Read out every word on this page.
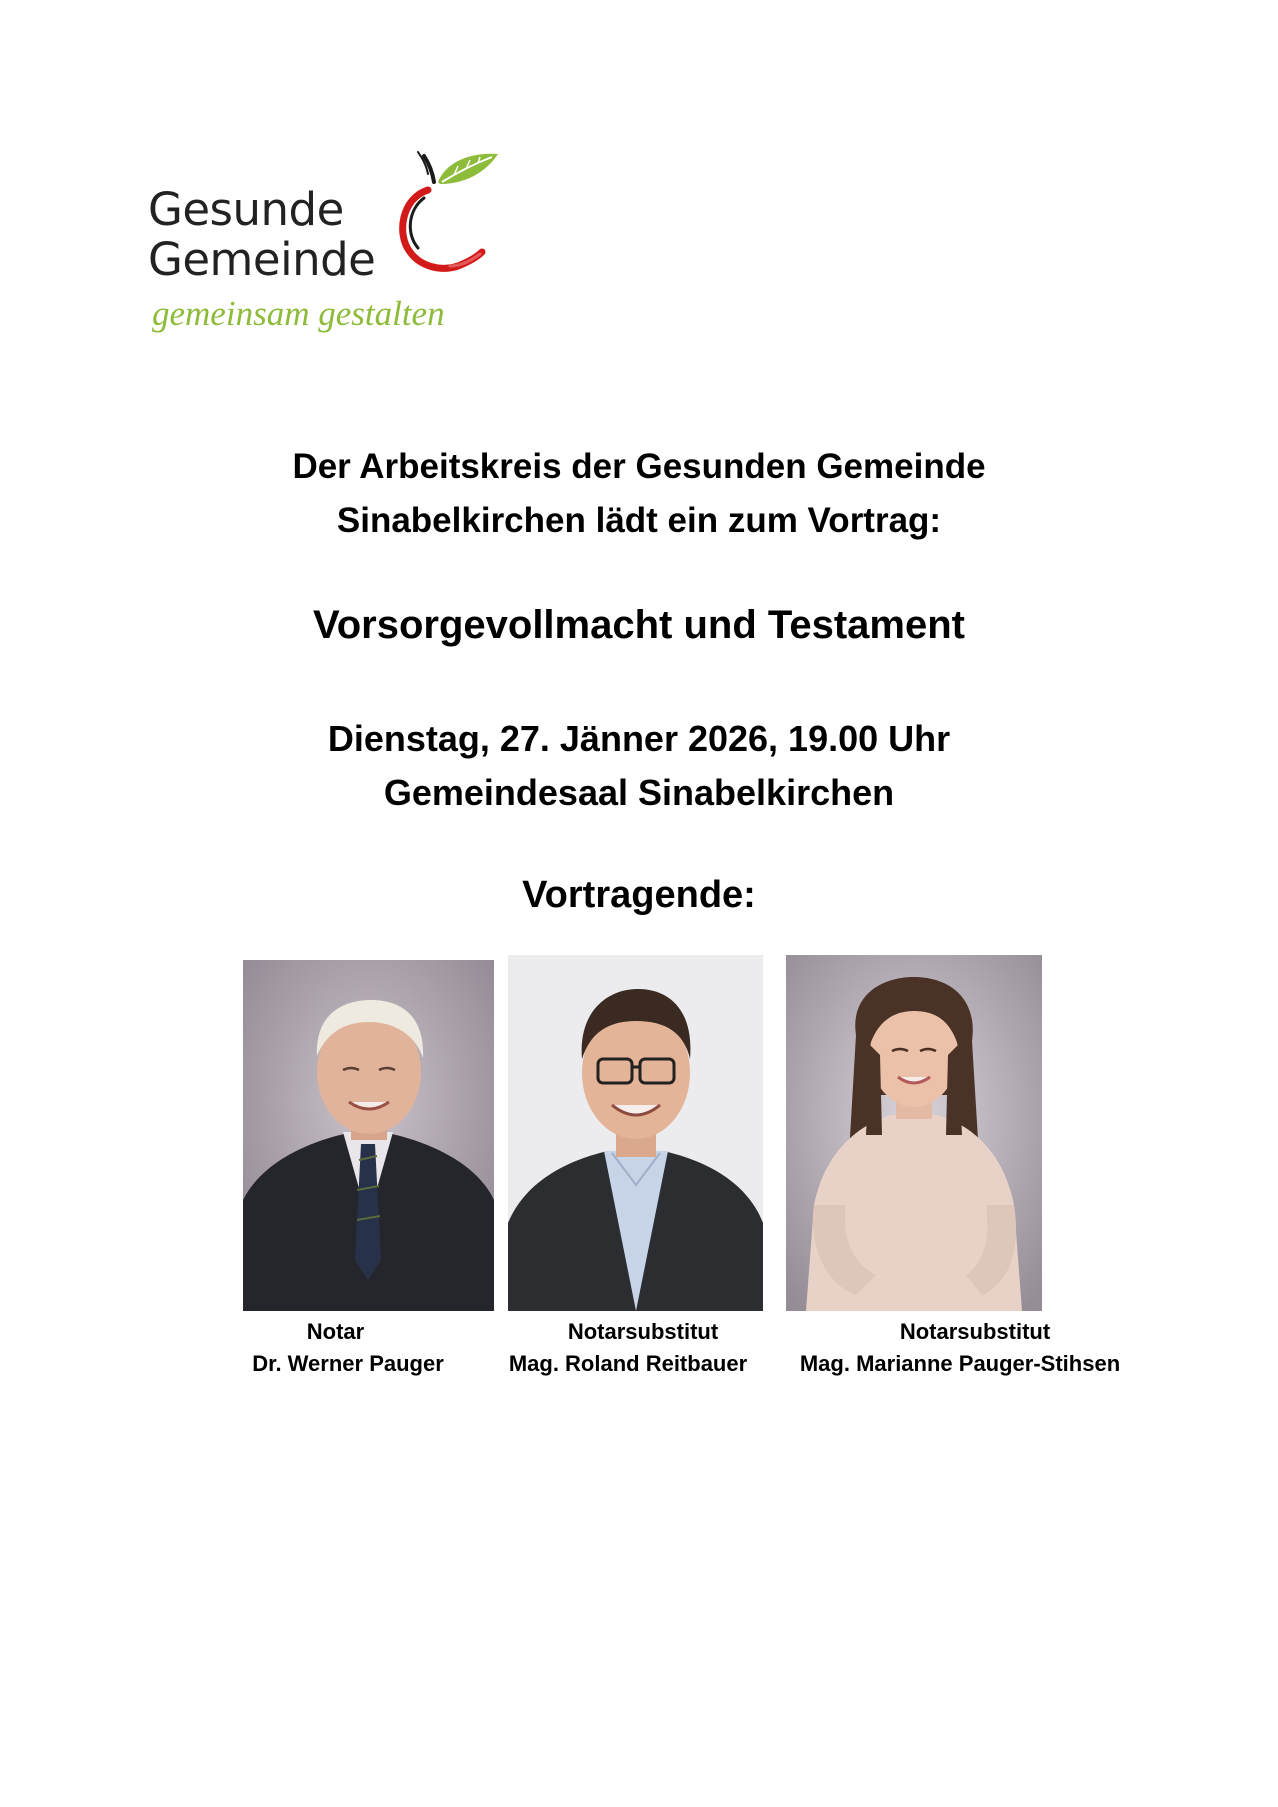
Gesunde
Gemeinde
gemeinsam gestalten
Der Arbeitskreis der Gesunden Gemeinde
Sinabelkirchen lädt ein zum Vortrag:
Vorsorgevollmacht und Testament
Dienstag, 27. Jänner 2026, 19.00 Uhr
Gemeindesaal Sinabelkirchen
Vortragende:
Notar
Dr. Werner Pauger
Notarsubstitut
Mag. Roland Reitbauer
Notarsubstitut
Mag. Marianne Pauger-Stihsen
